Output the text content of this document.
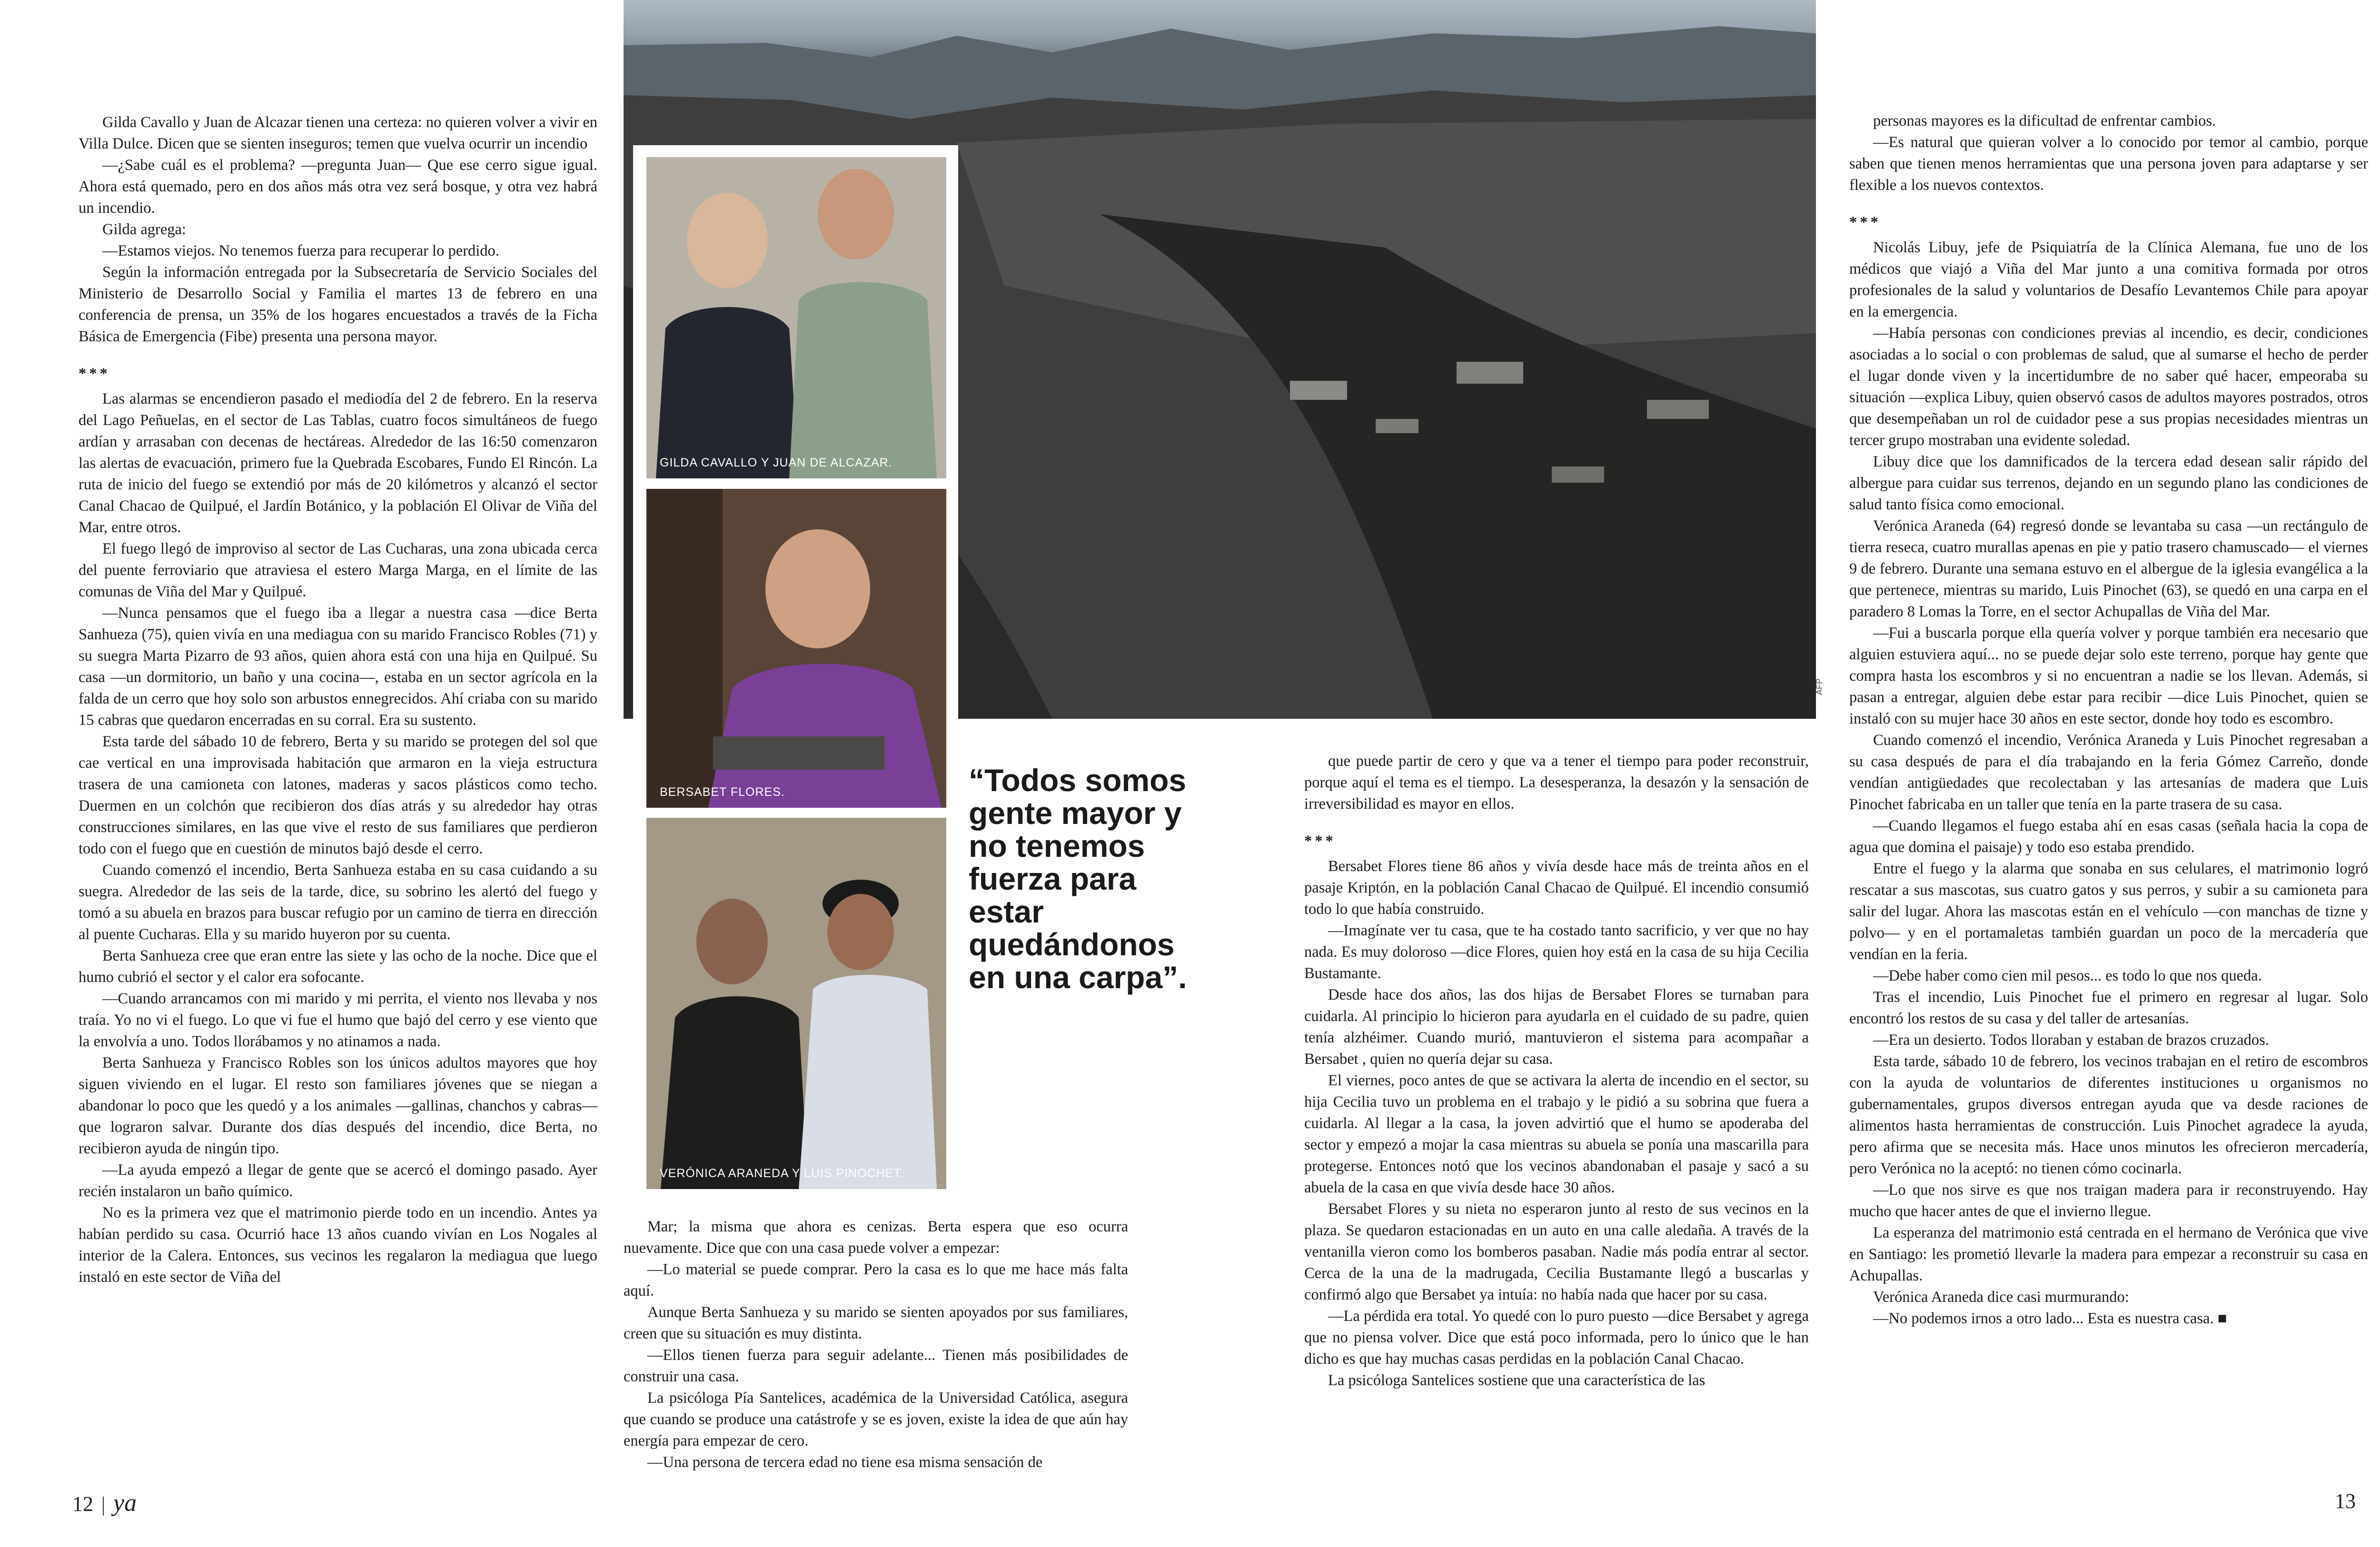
AFP
GILDA CAVALLO Y JUAN DE ALCAZAR.
BERSABET FLORES.
VERÓNICA ARANEDA Y LUIS PINOCHET.
“Todos somos gente mayor y no tenemos fuerza para estar quedándonos en una carpa”.

Gilda Cavallo y Juan de Alcazar tienen una certeza: no quieren volver a vivir en Villa Dulce. Dicen que se sienten inseguros; temen que vuelva ocurrir un incendio

—¿Sabe cuál es el problema? —pregunta Juan— Que ese cerro sigue igual. Ahora está quemado, pero en dos años más otra vez será bosque, y otra vez habrá un incendio.

Gilda agrega:

—Estamos viejos. No tenemos fuerza para recuperar lo perdido.

Según la información entregada por la Subsecretaría de Servicio Sociales del Ministerio de Desarrollo Social y Familia el martes 13 de febrero en una conferencia de prensa, un 35% de los hogares encuestados a través de la Ficha Básica de Emergencia (Fibe) presenta una persona mayor.

***

Las alarmas se encendieron pasado el mediodía del 2 de febrero. En la reserva del Lago Peñuelas, en el sector de Las Tablas, cuatro focos simultáneos de fuego ardían y arrasaban con decenas de hectáreas. Alrededor de las 16:50 comenzaron las alertas de evacuación, primero fue la Quebrada Escobares, Fundo El Rincón. La ruta de inicio del fuego se extendió por más de 20 kilómetros y alcanzó el sector Canal Chacao de Quilpué, el Jardín Botánico, y la población El Olivar de Viña del Mar, entre otros.

El fuego llegó de improviso al sector de Las Cucharas, una zona ubicada cerca del puente ferroviario que atraviesa el estero Marga Marga, en el límite de las comunas de Viña del Mar y Quilpué.

—Nunca pensamos que el fuego iba a llegar a nuestra casa —dice Berta Sanhueza (75), quien vivía en una mediagua con su marido Francisco Robles (71) y su suegra Marta Pizarro de 93 años, quien ahora está con una hija en Quilpué. Su casa —un dormitorio, un baño y una cocina—, estaba en un sector agrícola en la falda de un cerro que hoy solo son arbustos ennegrecidos. Ahí criaba con su marido 15 cabras que quedaron encerradas en su corral. Era su sustento.

Esta tarde del sábado 10 de febrero, Berta y su marido se protegen del sol que cae vertical en una improvisada habitación que armaron en la vieja estructura trasera de una camioneta con latones, maderas y sacos plásticos como techo. Duermen en un colchón que recibieron dos días atrás y su alrededor hay otras construcciones similares, en las que vive el resto de sus familiares que perdieron todo con el fuego que en cuestión de minutos bajó desde el cerro.

Cuando comenzó el incendio, Berta Sanhueza estaba en su casa cuidando a su suegra. Alrededor de las seis de la tarde, dice, su sobrino les alertó del fuego y tomó a su abuela en brazos para buscar refugio por un camino de tierra en dirección al puente Cucharas. Ella y su marido huyeron por su cuenta.

Berta Sanhueza cree que eran entre las siete y las ocho de la noche. Dice que el humo cubrió el sector y el calor era sofocante.

—Cuando arrancamos con mi marido y mi perrita, el viento nos llevaba y nos traía. Yo no vi el fuego. Lo que vi fue el humo que bajó del cerro y ese viento que la envolvía a uno. Todos llorábamos y no atinamos a nada.

Berta Sanhueza y Francisco Robles son los únicos adultos mayores que hoy siguen viviendo en el lugar. El resto son familiares jóvenes que se niegan a abandonar lo poco que les quedó y a los animales —gallinas, chanchos y cabras— que lograron salvar. Durante dos días después del incendio, dice Berta, no recibieron ayuda de ningún tipo.

—La ayuda empezó a llegar de gente que se acercó el domingo pasado. Ayer recién instalaron un baño químico.

No es la primera vez que el matrimonio pierde todo en un incendio. Antes ya habían perdido su casa. Ocurrió hace 13 años cuando vivían en Los Nogales al interior de la Calera. Entonces, sus vecinos les regalaron la mediagua que luego instaló en este sector de Viña del

Mar; la misma que ahora es cenizas. Berta espera que eso ocurra nuevamente. Dice que con una casa puede volver a empezar:

—Lo material se puede comprar. Pero la casa es lo que me hace más falta aquí.

Aunque Berta Sanhueza y su marido se sienten apoyados por sus familiares, creen que su situación es muy distinta.

—Ellos tienen fuerza para seguir adelante... Tienen más posibilidades de construir una casa.

La psicóloga Pía Santelices, académica de la Universidad Católica, asegura que cuando se produce una catástrofe y se es joven, existe la idea de que aún hay energía para empezar de cero.

—Una persona de tercera edad no tiene esa misma sensación de

que puede partir de cero y que va a tener el tiempo para poder reconstruir, porque aquí el tema es el tiempo. La desesperanza, la desazón y la sensación de irreversibilidad es mayor en ellos.

***

Bersabet Flores tiene 86 años y vivía desde hace más de treinta años en el pasaje Kriptón, en la población Canal Chacao de Quilpué. El incendio consumió todo lo que había construido.

—Imagínate ver tu casa, que te ha costado tanto sacrificio, y ver que no hay nada. Es muy doloroso —dice Flores, quien hoy está en la casa de su hija Cecilia Bustamante.

Desde hace dos años, las dos hijas de Bersabet Flores se turnaban para cuidarla. Al principio lo hicieron para ayudarla en el cuidado de su padre, quien tenía alzhéimer. Cuando murió, mantuvieron el sistema para acompañar a Bersabet , quien no quería dejar su casa.

El viernes, poco antes de que se activara la alerta de incendio en el sector, su hija Cecilia tuvo un problema en el trabajo y le pidió a su sobrina que fuera a cuidarla. Al llegar a la casa, la joven advirtió que el humo se apoderaba del sector y empezó a mojar la casa mientras su abuela se ponía una mascarilla para protegerse. Entonces notó que los vecinos abandonaban el pasaje y sacó a su abuela de la casa en que vivía desde hace 30 años.

Bersabet Flores y su nieta no esperaron junto al resto de sus vecinos en la plaza. Se quedaron estacionadas en un auto en una calle aledaña. A través de la ventanilla vieron como los bomberos pasaban. Nadie más podía entrar al sector. Cerca de la una de la madrugada, Cecilia Bustamante llegó a buscarlas y confirmó algo que Bersabet ya intuía: no había nada que hacer por su casa.

—La pérdida era total. Yo quedé con lo puro puesto —dice Bersabet y agrega que no piensa volver. Dice que está poco informada, pero lo único que le han dicho es que hay muchas casas perdidas en la población Canal Chacao.

La psicóloga Santelices sostiene que una característica de las

personas mayores es la dificultad de enfrentar cambios.

—Es natural que quieran volver a lo conocido por temor al cambio, porque saben que tienen menos herramientas que una persona joven para adaptarse y ser flexible a los nuevos contextos.

***

Nicolás Libuy, jefe de Psiquiatría de la Clínica Alemana, fue uno de los médicos que viajó a Viña del Mar junto a una comitiva formada por otros profesionales de la salud y voluntarios de Desafío Levantemos Chile para apoyar en la emergencia.

—Había personas con condiciones previas al incendio, es decir, condiciones asociadas a lo social o con problemas de salud, que al sumarse el hecho de perder el lugar donde viven y la incertidumbre de no saber qué hacer, empeoraba su situación —explica Libuy, quien observó casos de adultos mayores postrados, otros que desempeñaban un rol de cuidador pese a sus propias necesidades mientras un tercer grupo mostraban una evidente soledad.

Libuy dice que los damnificados de la tercera edad desean salir rápido del albergue para cuidar sus terrenos, dejando en un segundo plano las condiciones de salud tanto física como emocional.

Verónica Araneda (64) regresó donde se levantaba su casa —un rectángulo de tierra reseca, cuatro murallas apenas en pie y patio trasero chamuscado— el viernes 9 de febrero. Durante una semana estuvo en el albergue de la iglesia evangélica a la que pertenece, mientras su marido, Luis Pinochet (63), se quedó en una carpa en el paradero 8 Lomas la Torre, en el sector Achupallas de Viña del Mar.

—Fui a buscarla porque ella quería volver y porque también era necesario que alguien estuviera aquí... no se puede dejar solo este terreno, porque hay gente que compra hasta los escombros y si no encuentran a nadie se los llevan. Además, si pasan a entregar, alguien debe estar para recibir —dice Luis Pinochet, quien se instaló con su mujer hace 30 años en este sector, donde hoy todo es escombro.

Cuando comenzó el incendio, Verónica Araneda y Luis Pinochet regresaban a su casa después de para el día trabajando en la feria Gómez Carreño, donde vendían antigüedades que recolectaban y las artesanías de madera que Luis Pinochet fabricaba en un taller que tenía en la parte trasera de su casa.

—Cuando llegamos el fuego estaba ahí en esas casas (señala hacia la copa de agua que domina el paisaje) y todo eso estaba prendido.

Entre el fuego y la alarma que sonaba en sus celulares, el matrimonio logró rescatar a sus mascotas, sus cuatro gatos y sus perros, y subir a su camioneta para salir del lugar. Ahora las mascotas están en el vehículo —con manchas de tizne y polvo— y en el portamaletas también guardan un poco de la mercadería que vendían en la feria.

—Debe haber como cien mil pesos... es todo lo que nos queda.

Tras el incendio, Luis Pinochet fue el primero en regresar al lugar. Solo encontró los restos de su casa y del taller de artesanías.

—Era un desierto. Todos lloraban y estaban de brazos cruzados.

Esta tarde, sábado 10 de febrero, los vecinos trabajan en el retiro de escombros con la ayuda de voluntarios de diferentes instituciones u organismos no gubernamentales, grupos diversos entregan ayuda que va desde raciones de alimentos hasta herramientas de construcción. Luis Pinochet agradece la ayuda, pero afirma que se necesita más. Hace unos minutos les ofrecieron mercadería, pero Verónica no la aceptó: no tienen cómo cocinarla.

—Lo que nos sirve es que nos traigan madera para ir reconstruyendo. Hay mucho que hacer antes de que el invierno llegue.

La esperanza del matrimonio está centrada en el hermano de Verónica que vive en Santiago: les prometió llevarle la madera para empezar a reconstruir su casa en Achupallas.

Verónica Araneda dice casi murmurando:

—No podemos irnos a otro lado... Esta es nuestra casa. ■

12 ya	13
